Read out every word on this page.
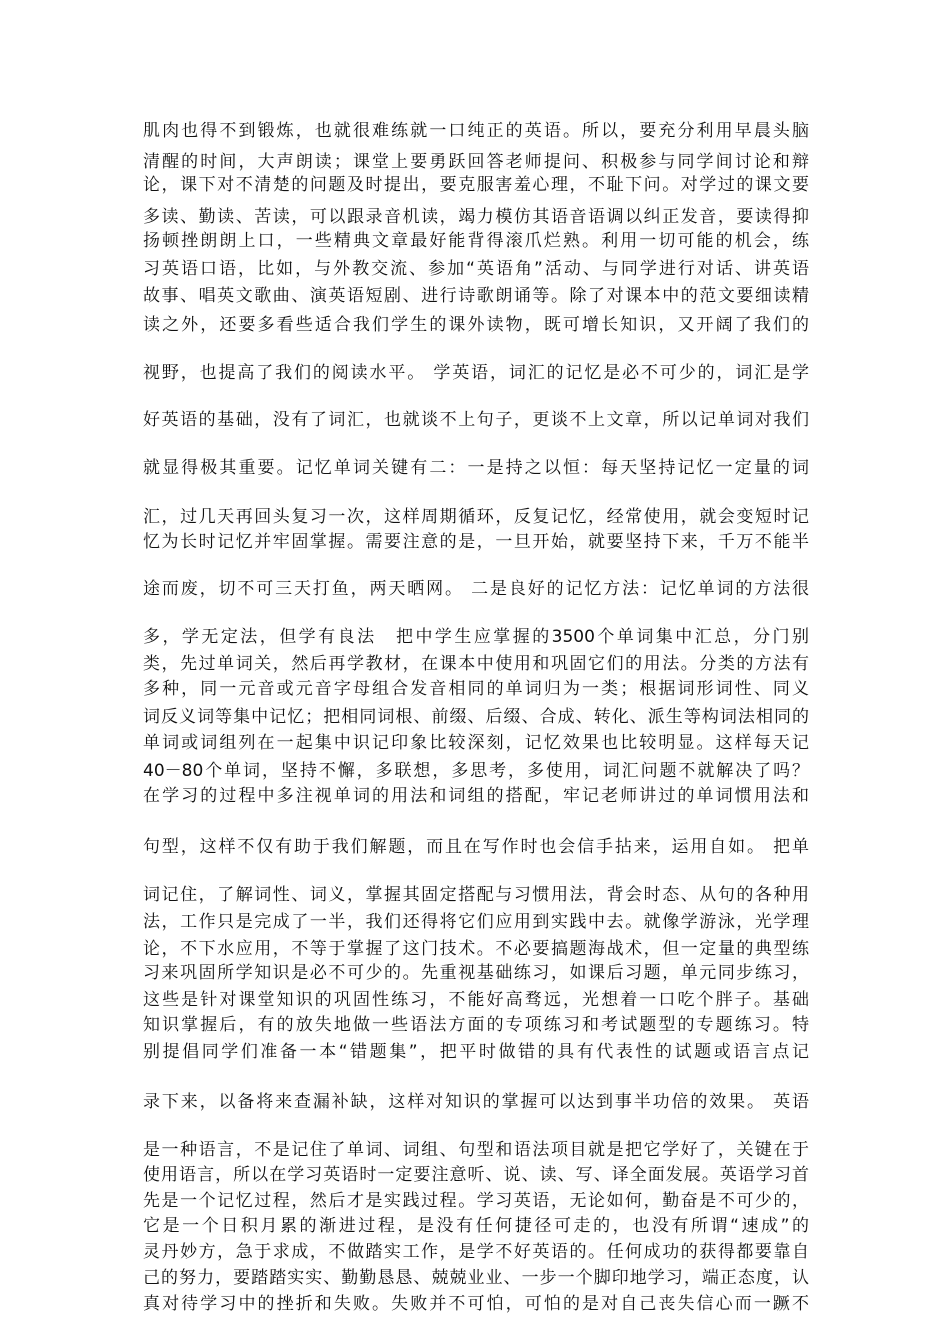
肌肉也得不到锻炼，也就很难练就一口纯正的英语。所以，要充分利用早晨头脑
清醒的时间，大声朗读；课堂上要勇跃回答老师提问、积极参与同学间讨论和辩
论，课下对不清楚的问题及时提出，要克服害羞心理，不耻下问。对学过的课文要
多读、勤读、苦读，可以跟录音机读，竭力模仿其语音语调以纠正发音，要读得抑
扬顿挫朗朗上口，一些精典文章最好能背得滚爪烂熟。利用一切可能的机会，练
习英语口语，比如，与外教交流、参加“英语角”活动、与同学进行对话、讲英语
故事、唱英文歌曲、演英语短剧、进行诗歌朗诵等。除了对课本中的范文要细读精
读之外，还要多看些适合我们学生的课外读物，既可增长知识，又开阔了我们的
视野，也提高了我们的阅读水平。 学英语，词汇的记忆是必不可少的，词汇是学
好英语的基础，没有了词汇，也就谈不上句子，更谈不上文章，所以记单词对我们
就显得极其重要。记忆单词关键有二：一是持之以恒：每天坚持记忆一定量的词
汇，过几天再回头复习一次，这样周期循环，反复记忆，经常使用，就会变短时记
忆为长时记忆并牢固掌握。需要注意的是，一旦开始，就要坚持下来，千万不能半
途而废，切不可三天打鱼，两天晒网。 二是良好的记忆方法：记忆单词的方法很
多，学无定法，但学有良法　把中学生应掌握的3500个单词集中汇总，分门别
类，先过单词关，然后再学教材，在课本中使用和巩固它们的用法。分类的方法有
多种，同一元音或元音字母组合发音相同的单词归为一类；根据词形词性、同义
词反义词等集中记忆；把相同词根、前缀、后缀、合成、转化、派生等构词法相同的
单词或词组列在一起集中识记印象比较深刻，记忆效果也比较明显。这样每天记
40－80个单词，坚持不懈，多联想，多思考，多使用，词汇问题不就解决了吗？
在学习的过程中多注视单词的用法和词组的搭配，牢记老师讲过的单词惯用法和
句型，这样不仅有助于我们解题，而且在写作时也会信手拈来，运用自如。 把单
词记住，了解词性、词义，掌握其固定搭配与习惯用法，背会时态、从句的各种用
法，工作只是完成了一半，我们还得将它们应用到实践中去。就像学游泳，光学理
论，不下水应用，不等于掌握了这门技术。不必要搞题海战术，但一定量的典型练
习来巩固所学知识是必不可少的。先重视基础练习，如课后习题，单元同步练习，
这些是针对课堂知识的巩固性练习，不能好高骛远，光想着一口吃个胖子。基础
知识掌握后，有的放失地做一些语法方面的专项练习和考试题型的专题练习。特
别提倡同学们准备一本“错题集”，把平时做错的具有代表性的试题或语言点记
录下来，以备将来查漏补缺，这样对知识的掌握可以达到事半功倍的效果。 英语
是一种语言，不是记住了单词、词组、句型和语法项目就是把它学好了，关键在于
使用语言，所以在学习英语时一定要注意听、说、读、写、译全面发展。英语学习首
先是一个记忆过程，然后才是实践过程。学习英语，无论如何，勤奋是不可少的，
它是一个日积月累的渐进过程，是没有任何捷径可走的，也没有所谓“速成”的
灵丹妙方，急于求成，不做踏实工作，是学不好英语的。任何成功的获得都要靠自
己的努力，要踏踏实实、勤勤恳恳、兢兢业业、一步一个脚印地学习，端正态度，认
真对待学习中的挫折和失败。失败并不可怕，可怕的是对自己丧失信心而一蹶不
